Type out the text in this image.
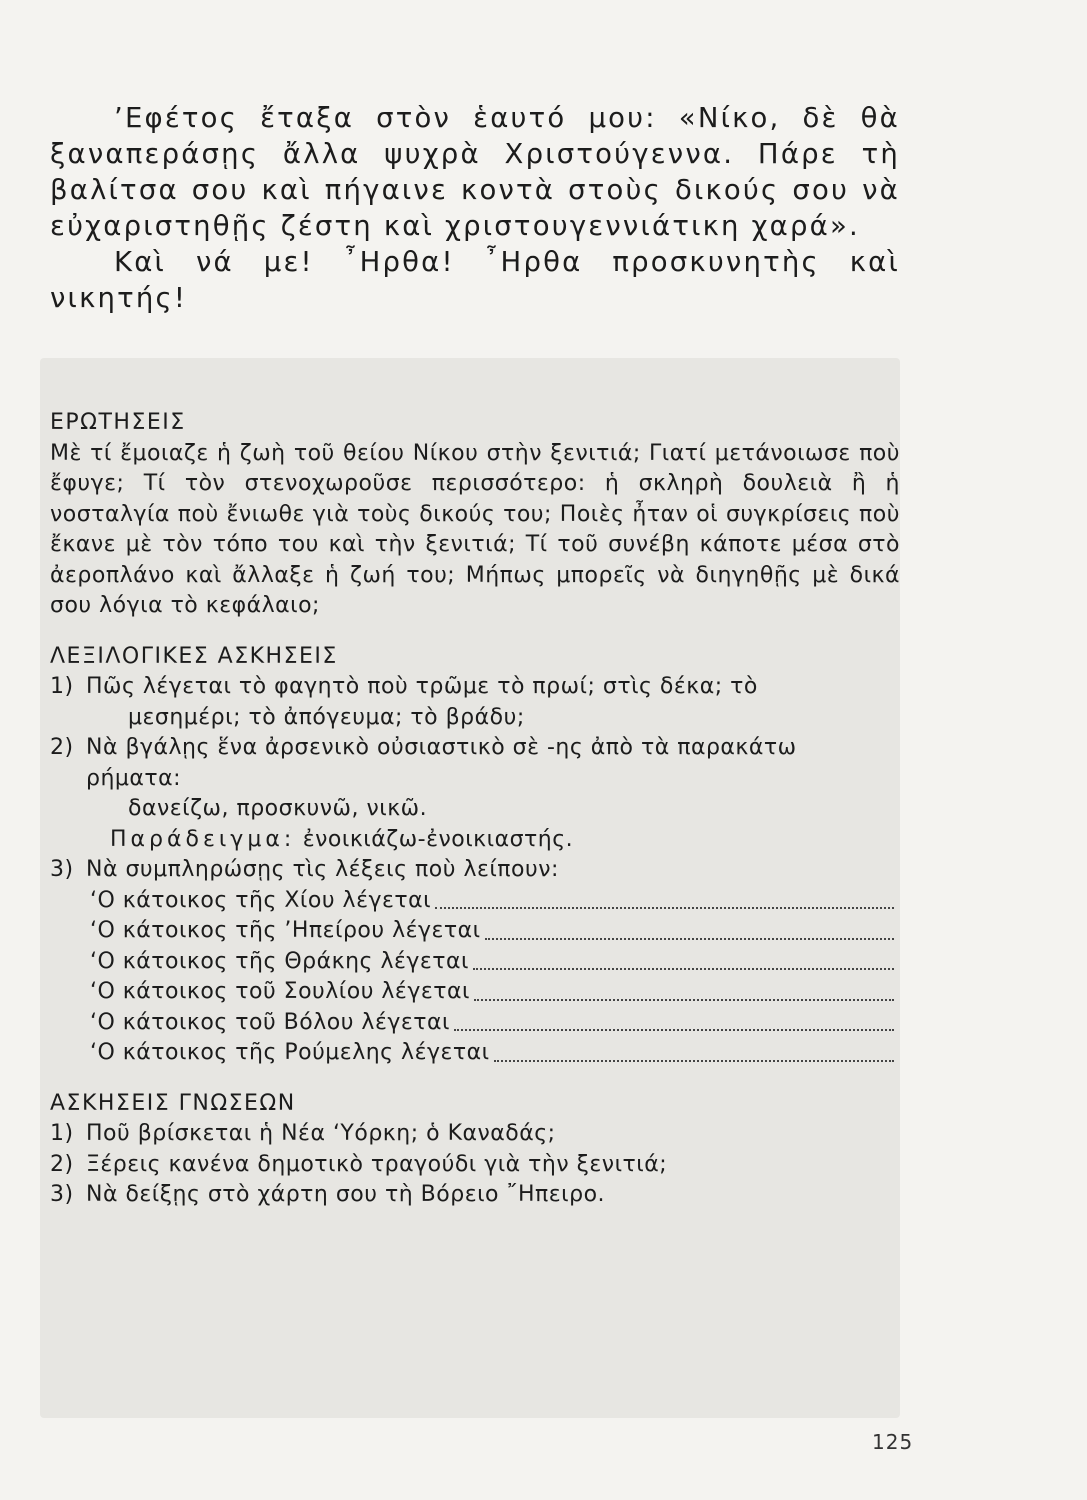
’Εφέτος ἔταξα στὸν ἑαυτό μου: «Νίκο, δὲ θὰ ξαναπεράσῃς ἄλλα ψυχρὰ Χριστούγεννα. Πάρε τὴ βαλίτσα σου καὶ πήγαινε κοντὰ στοὺς δικούς σου νὰ εὐχαριστηθῇς ζέστη καὶ χριστουγεννιάτικη χαρά».

Καὶ νά με! ῏Ηρθα! ῏Ηρθα προσκυνητὴς καὶ νικητής!

ΕΡΩΤΗΣΕΙΣ

Μὲ τί ἔμοιαζε ἡ ζωὴ τοῦ θείου Νίκου στὴν ξενιτιά; Γιατί μετάνοιωσε ποὺ ἔφυγε; Τί τὸν στενοχωροῦσε περισσότερο: ἡ σκληρὴ δουλειὰ ἢ ἡ νοσταλγία ποὺ ἔνιωθε γιὰ τοὺς δικούς του; Ποιὲς ἦταν οἱ συγκρίσεις ποὺ ἔκανε μὲ τὸν τόπο του καὶ τὴν ξενιτιά; Τί τοῦ συνέβη κάποτε μέσα στὸ ἀεροπλάνο καὶ ἄλλαξε ἡ ζωή του; Μήπως μπορεῖς νὰ διηγηθῇς μὲ δικά σου λόγια τὸ κεφάλαιο;

ΛΕΞΙΛΟΓΙΚΕΣ ΑΣΚΗΣΕΙΣ

1) Πῶς λέγεται τὸ φαγητὸ ποὺ τρῶμε τὸ πρωί; στὶς δέκα; τὸ

μεσημέρι; τὸ ἀπόγευμα; τὸ βράδυ;

2) Νὰ βγάλῃς ἕνα ἀρσενικὸ οὐσιαστικὸ σὲ -ης ἀπὸ τὰ παρακάτω

ρήματα:

δανείζω, προσκυνῶ, νικῶ.

Παράδειγμα: ἐνοικιάζω-ἐνοικιαστής.

3) Νὰ συμπληρώσῃς τὶς λέξεις ποὺ λείπουν:
‘Ο κάτοικος τῆς Χίου λέγεται
‘Ο κάτοικος τῆς ’Ηπείρου λέγεται
‘Ο κάτοικος τῆς Θράκης λέγεται
‘Ο κάτοικος τοῦ Σουλίου λέγεται
‘Ο κάτοικος τοῦ Βόλου λέγεται
‘Ο κάτοικος τῆς Ρούμελης λέγεται

ΑΣΚΗΣΕΙΣ ΓΝΩΣΕΩΝ

1) Ποῦ βρίσκεται ἡ Νέα ‘Υόρκη; ὁ Καναδάς;
2) Ξέρεις κανένα δημοτικὸ τραγούδι γιὰ τὴν ξενιτιά;
3) Νὰ δείξῃς στὸ χάρτη σου τὴ Βόρειο ῎Ηπειρο.
125
